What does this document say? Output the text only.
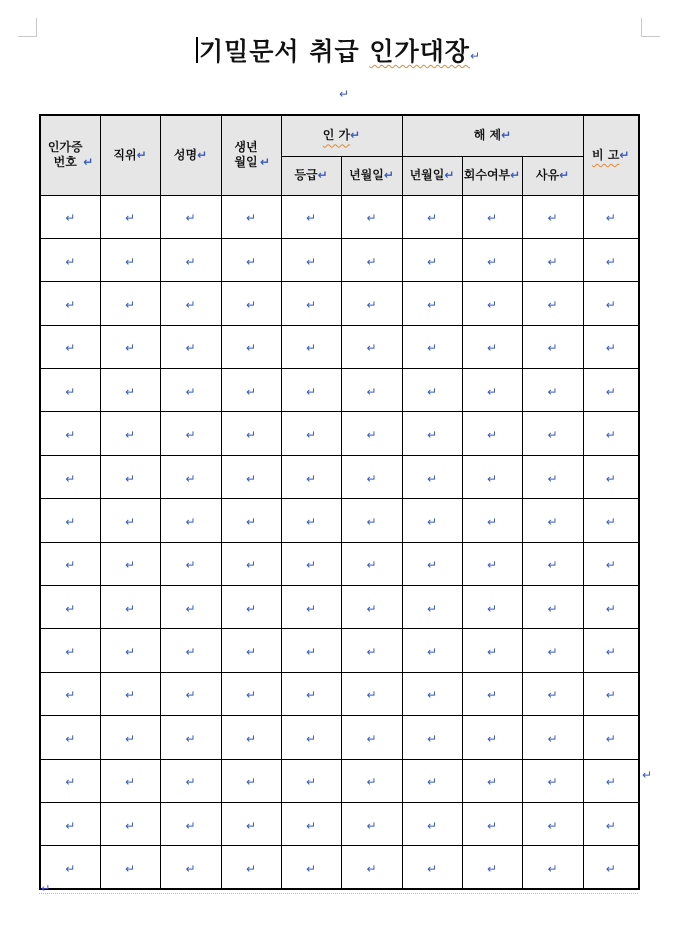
기밀문서 취급 인가대장↵
↵
인가증 번호 ↵	직위↵	성명↵	생년 월일 ↵	인 가↵		해 제↵			비 고↵
				등급↵	년월일↵	년월일↵	회수여부↵	사유↵	
↵	↵	↵	↵	↵	↵	↵	↵	↵	↵
↵	↵	↵	↵	↵	↵	↵	↵	↵	↵
↵	↵	↵	↵	↵	↵	↵	↵	↵	↵
↵	↵	↵	↵	↵	↵	↵	↵	↵	↵
↵	↵	↵	↵	↵	↵	↵	↵	↵	↵
↵	↵	↵	↵	↵	↵	↵	↵	↵	↵
↵	↵	↵	↵	↵	↵	↵	↵	↵	↵
↵	↵	↵	↵	↵	↵	↵	↵	↵	↵
↵	↵	↵	↵	↵	↵	↵	↵	↵	↵
↵	↵	↵	↵	↵	↵	↵	↵	↵	↵
↵	↵	↵	↵	↵	↵	↵	↵	↵	↵
↵	↵	↵	↵	↵	↵	↵	↵	↵	↵
↵	↵	↵	↵	↵	↵	↵	↵	↵	↵
↵	↵	↵	↵	↵	↵	↵	↵	↵	↵
↵	↵	↵	↵	↵	↵	↵	↵	↵	↵
↵	↵	↵	↵	↵	↵	↵	↵	↵	↵
↵
↵
